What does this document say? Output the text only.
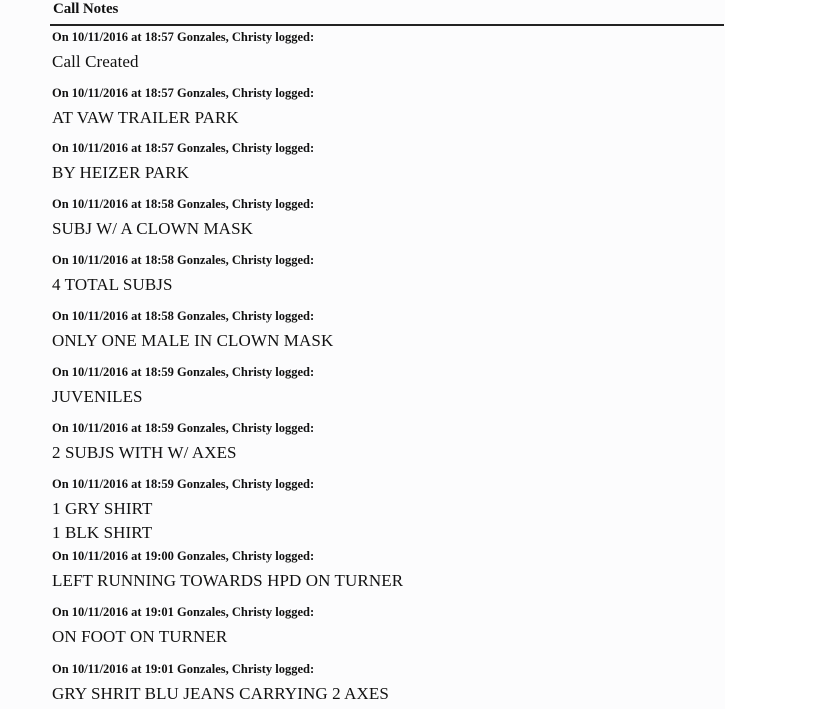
Call Notes
On 10/11/2016 at 18:57 Gonzales, Christy logged:
Call Created
On 10/11/2016 at 18:57 Gonzales, Christy logged:
AT VAW TRAILER PARK
On 10/11/2016 at 18:57 Gonzales, Christy logged:
BY HEIZER PARK
On 10/11/2016 at 18:58 Gonzales, Christy logged:
SUBJ W/ A CLOWN MASK
On 10/11/2016 at 18:58 Gonzales, Christy logged:
4 TOTAL SUBJS
On 10/11/2016 at 18:58 Gonzales, Christy logged:
ONLY ONE MALE IN CLOWN MASK
On 10/11/2016 at 18:59 Gonzales, Christy logged:
JUVENILES
On 10/11/2016 at 18:59 Gonzales, Christy logged:
2 SUBJS WITH W/ AXES
On 10/11/2016 at 18:59 Gonzales, Christy logged:
1 GRY SHIRT
1 BLK SHIRT
On 10/11/2016 at 19:00 Gonzales, Christy logged:
LEFT RUNNING TOWARDS HPD ON TURNER
On 10/11/2016 at 19:01 Gonzales, Christy logged:
ON FOOT ON TURNER
On 10/11/2016 at 19:01 Gonzales, Christy logged:
GRY SHRIT BLU JEANS CARRYING 2 AXES
